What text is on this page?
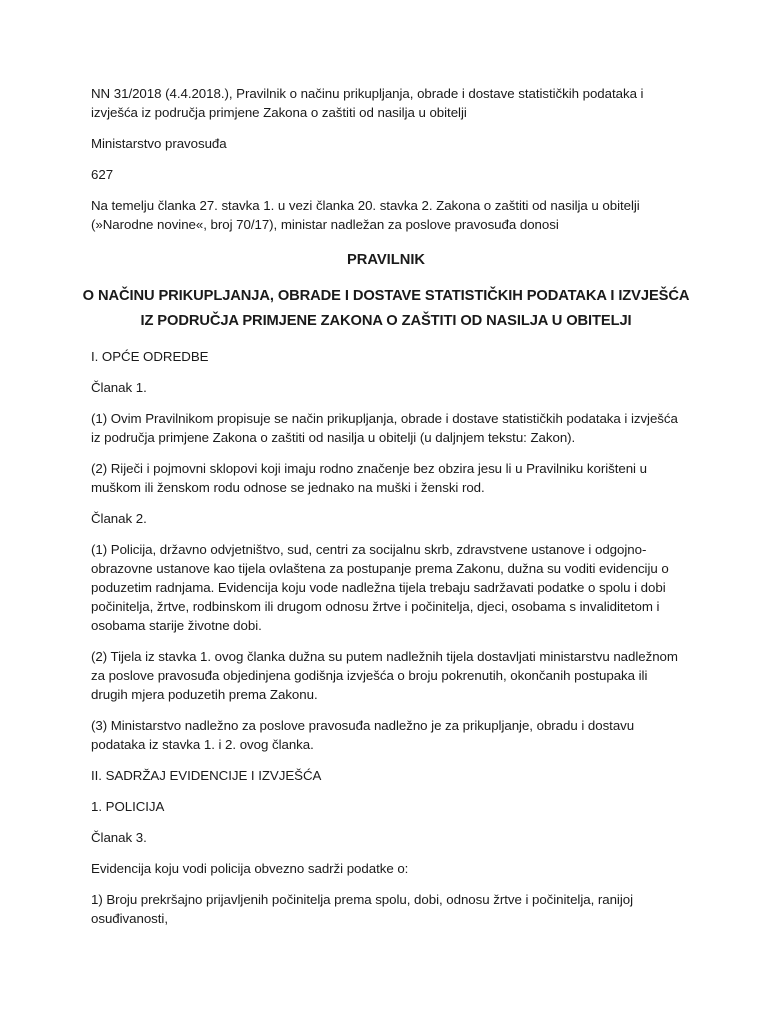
NN 31/2018 (4.4.2018.), Pravilnik o načinu prikupljanja, obrade i dostave statističkih podataka i izvješća iz područja primjene Zakona o zaštiti od nasilja u obitelji

Ministarstvo pravosuđa

627

Na temelju članka 27. stavka 1. u vezi članka 20. stavka 2. Zakona o zaštiti od nasilja u obitelji (»Narodne novine«, broj 70/17), ministar nadležan za poslove pravosuđa donosi

PRAVILNIK
O NAČINU PRIKUPLJANJA, OBRADE I DOSTAVE STATISTIČKIH PODATAKA I IZVJEŠĆA IZ PODRUČJA PRIMJENE ZAKONA O ZAŠTITI OD NASILJA U OBITELJI

I. OPĆE ODREDBE

Članak 1.

(1) Ovim Pravilnikom propisuje se način prikupljanja, obrade i dostave statističkih podataka i izvješća iz područja primjene Zakona o zaštiti od nasilja u obitelji (u daljnjem tekstu: Zakon).

(2) Riječi i pojmovni sklopovi koji imaju rodno značenje bez obzira jesu li u Pravilniku korišteni u muškom ili ženskom rodu odnose se jednako na muški i ženski rod.

Članak 2.

(1) Policija, državno odvjetništvo, sud, centri za socijalnu skrb, zdravstvene ustanove i odgojno-obrazovne ustanove kao tijela ovlaštena za postupanje prema Zakonu, dužna su voditi evidenciju o poduzetim radnjama. Evidencija koju vode nadležna tijela trebaju sadržavati podatke o spolu i dobi počinitelja, žrtve, rodbinskom ili drugom odnosu žrtve i počinitelja, djeci, osobama s invaliditetom i osobama starije životne dobi.

(2) Tijela iz stavka 1. ovog članka dužna su putem nadležnih tijela dostavljati ministarstvu nadležnom za poslove pravosuđa objedinjena godišnja izvješća o broju pokrenutih, okončanih postupaka ili drugih mjera poduzetih prema Zakonu.

(3) Ministarstvo nadležno za poslove pravosuđa nadležno je za prikupljanje, obradu i dostavu podataka iz stavka 1. i 2. ovog članka.

II. SADRŽAJ EVIDENCIJE I IZVJEŠĆA

1. POLICIJA

Članak 3.

Evidencija koju vodi policija obvezno sadrži podatke o:

1) Broju prekršajno prijavljenih počinitelja prema spolu, dobi, odnosu žrtve i počinitelja, ranijoj osuđivanosti,
